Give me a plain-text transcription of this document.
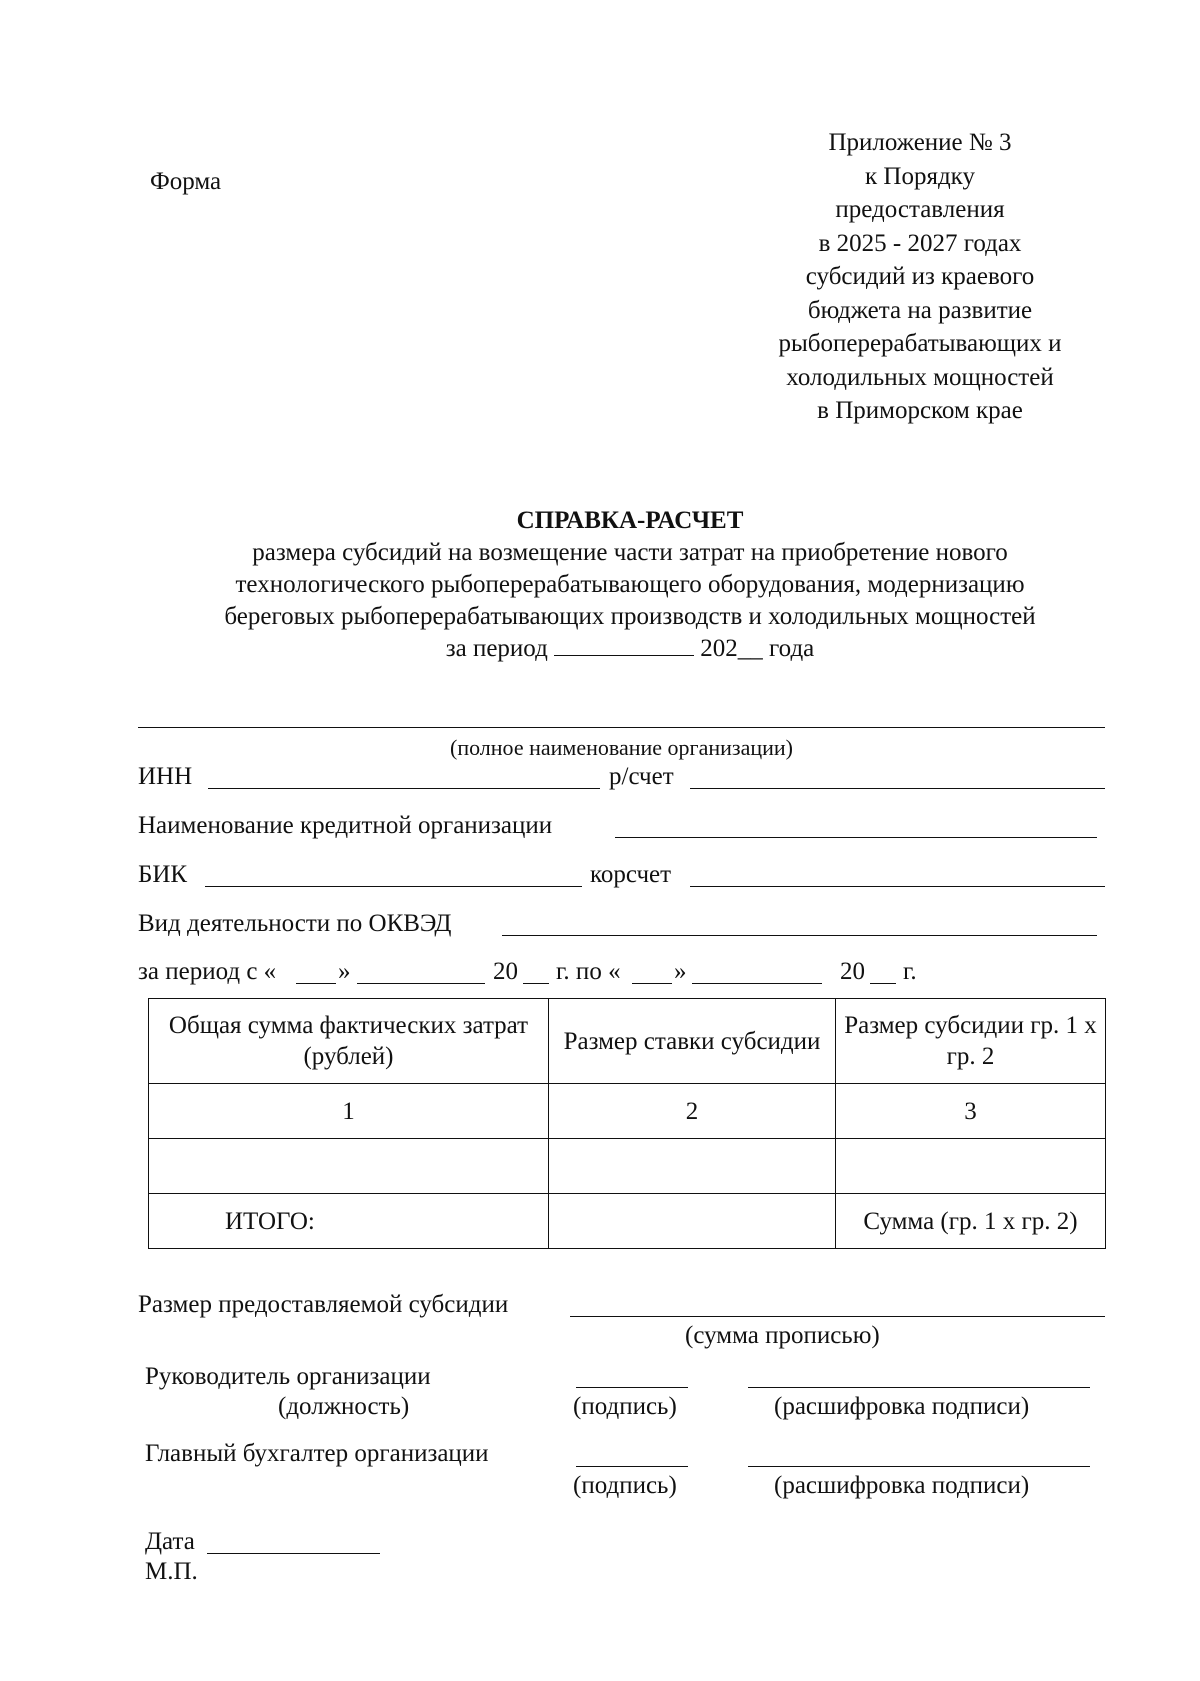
Форма
Приложение № 3
к Порядку
предоставления
в 2025 - 2027 годах
субсидий из краевого
бюджета на развитие
рыбоперерабатывающих и
холодильных мощностей
в Приморском крае
СПРАВКА-РАСЧЕТ
размера субсидий на возмещение части затрат на приобретение нового
технологического рыбоперерабатывающего оборудования, модернизацию
береговых рыбоперерабатывающих производств и холодильных мощностей
за период	202__ года
(полное наименование организации)
ИНН	р/счет
Наименование кредитной организации
БИК	корсчет
Вид деятельности по ОКВЭД
за период с « »	20 г. по « »	20 г.
Общая сумма фактических затрат (рублей)	Размер ставки субсидии	Размер субсидии гр. 1 х гр. 2
1	2	3

ИТОГО:		Сумма (гр. 1 х гр. 2)
Размер предоставляемой субсидии
(сумма прописью)
Руководитель организации
(должность)	(подпись)	(расшифровка подписи)
Главный бухгалтер организации
(подпись)	(расшифровка подписи)
Дата
М.П.
